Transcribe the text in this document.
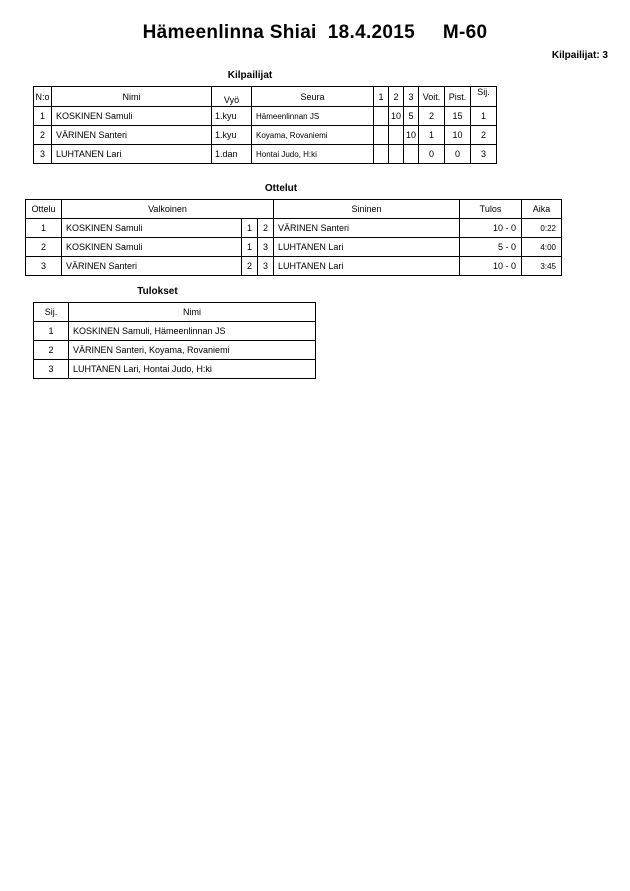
Hämeenlinna Shiai  18.4.2015     M-60
Kilpailijat: 3
Kilpailijat
N:o	Nimi	Vyö	Seura	1	2	3	Voit.	Pist.	Sij.
1	KOSKINEN Samuli	1.kyu	Hämeenlinnan JS		10	5	2	15	1
2	VÄRINEN Santeri	1.kyu	Koyama, Rovaniemi			10	1	10	2
3	LUHTANEN Lari	1.dan	Hontai Judo, H:ki				0	0	3
Ottelut
Ottelu	Valkoinen			Sininen	Tulos	Aika
1	KOSKINEN Samuli	1	2	VÄRINEN Santeri	10 - 0	0:22
2	KOSKINEN Samuli	1	3	LUHTANEN Lari	5 - 0	4:00
3	VÄRINEN Santeri	2	3	LUHTANEN Lari	10 - 0	3:45
Tulokset
Sij.	Nimi
1	KOSKINEN Samuli, Hämeenlinnan JS
2	VÄRINEN Santeri, Koyama, Rovaniemi
3	LUHTANEN Lari, Hontai Judo, H:ki
